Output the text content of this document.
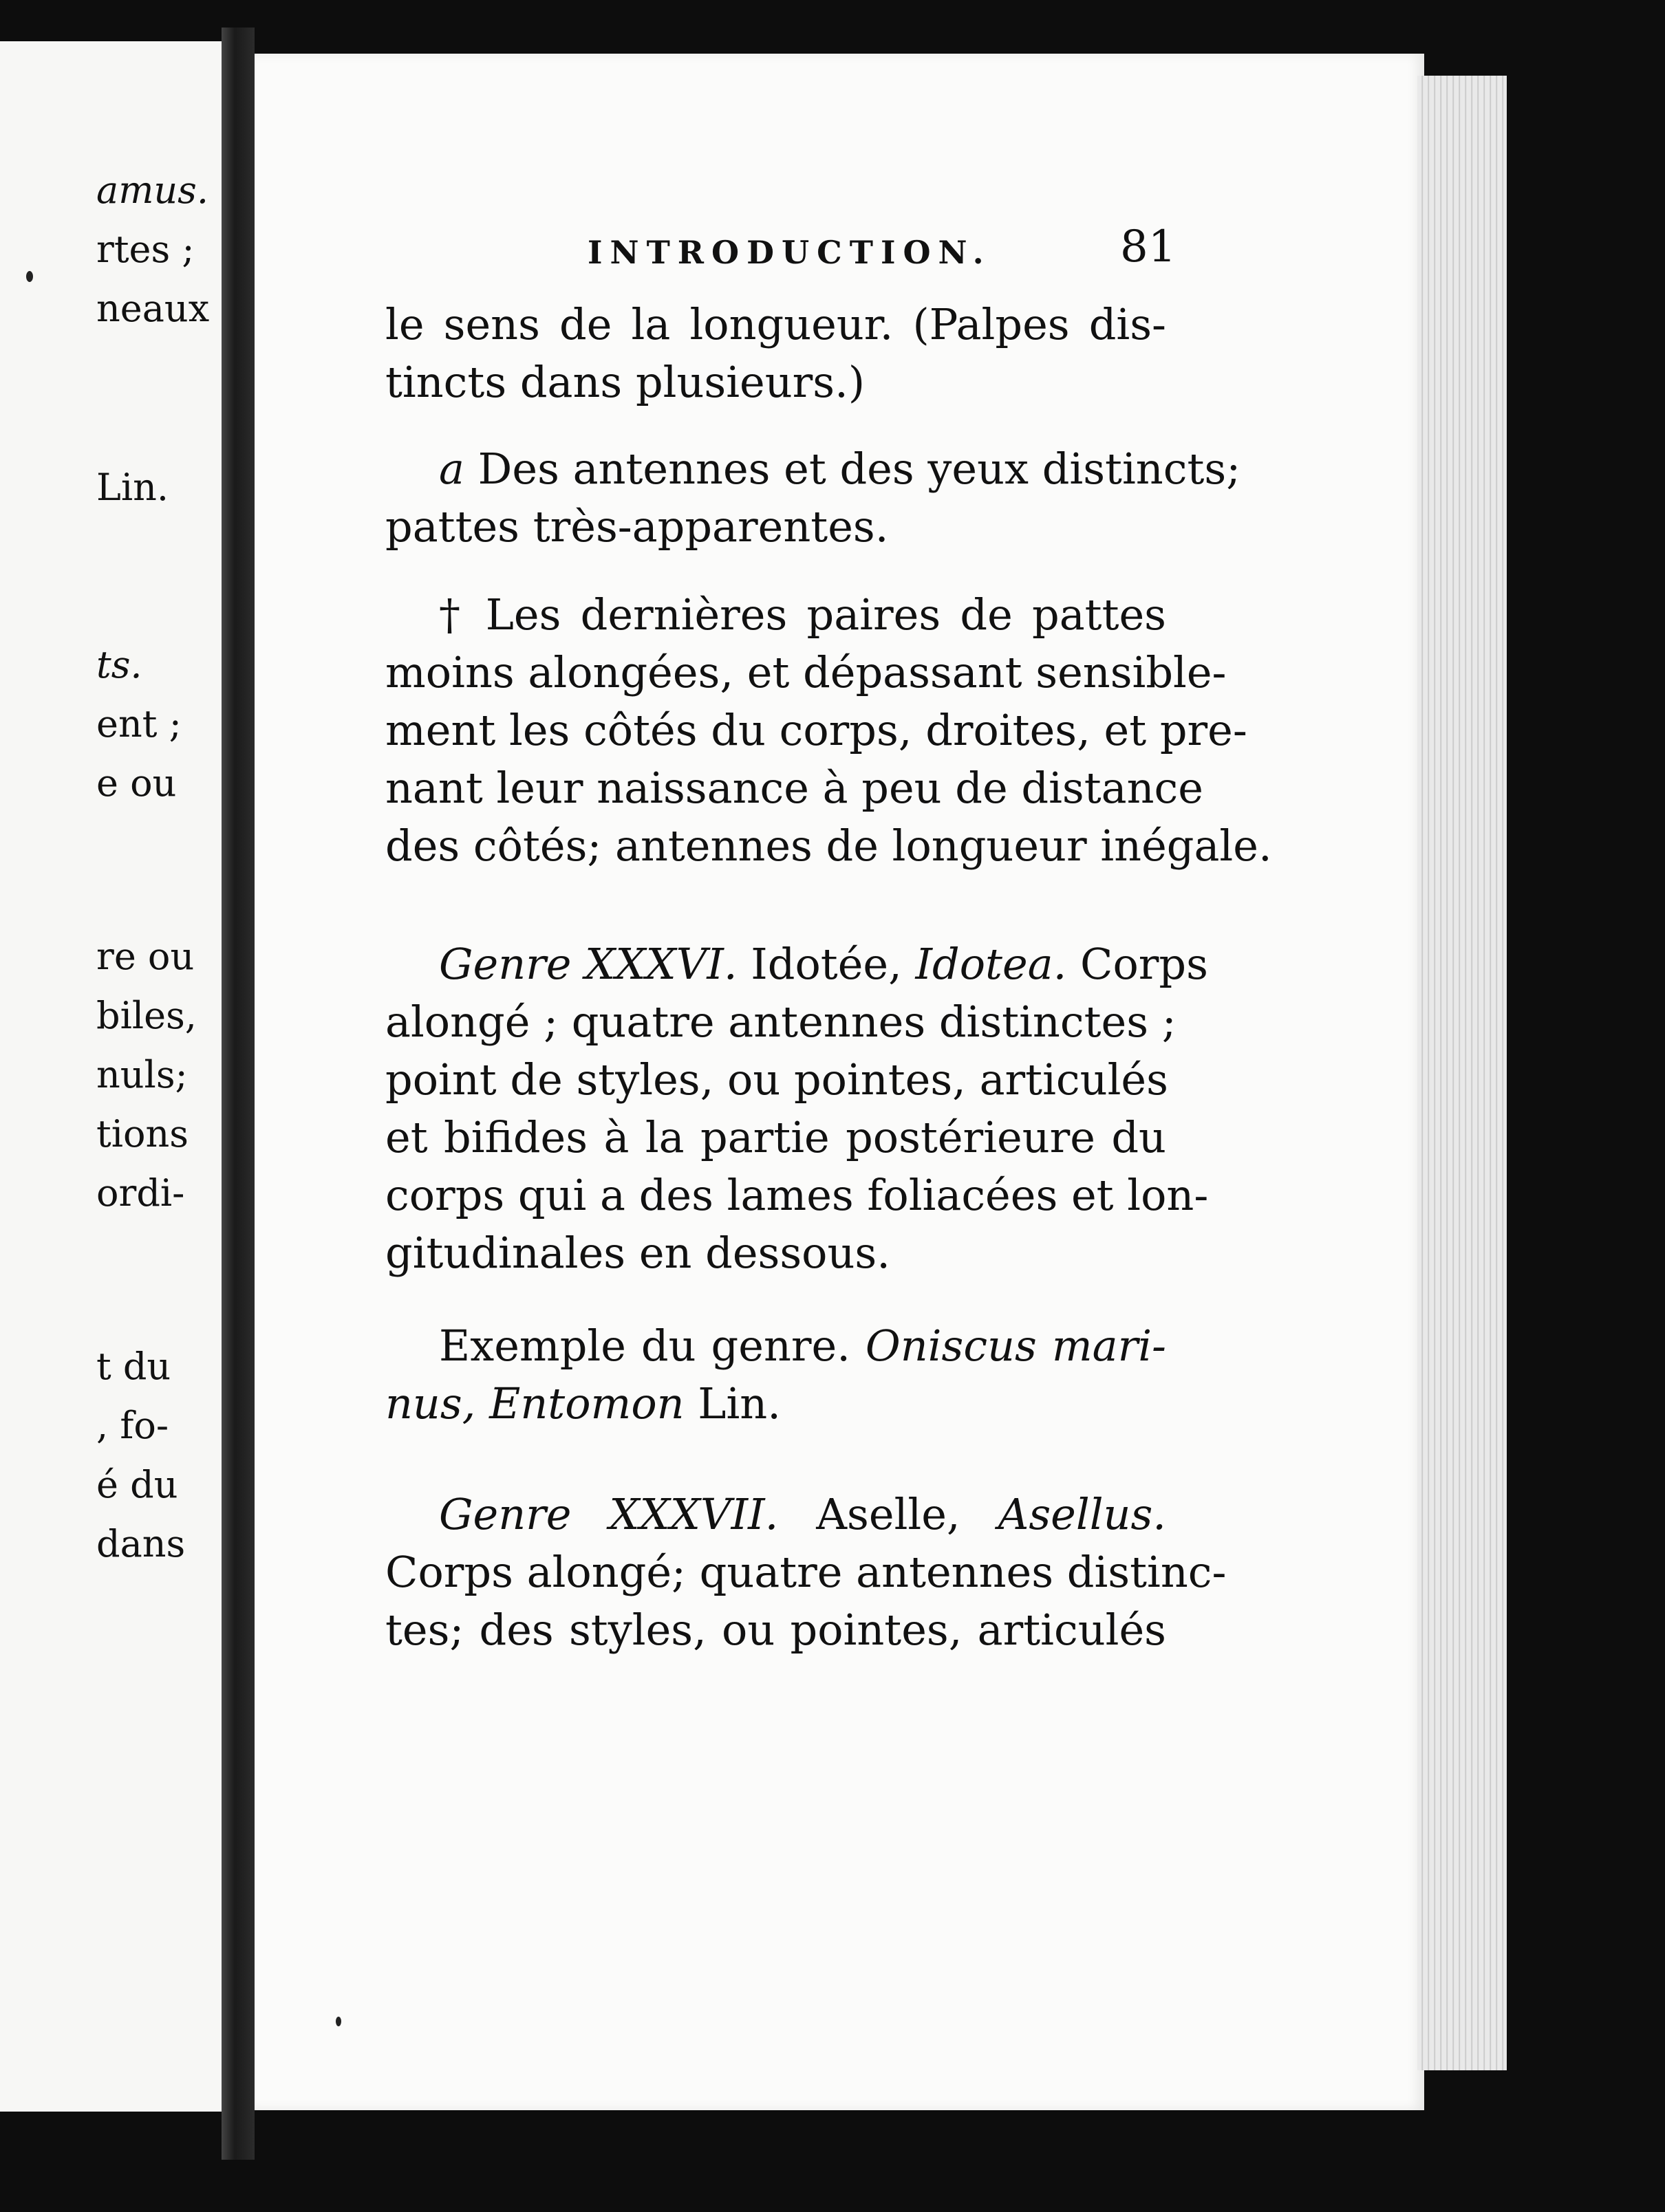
amus.
rtes ;
neaux
Lin.
ts.
ent ;
e ou
re ou
biles,
nuls;
tions
ordi-
t du
, fo-
é du
dans
INTRODUCTION.	81
le sens de la longueur. (Palpes dis-
tincts dans plusieurs.)
a Des antennes et des yeux distincts;
pattes très-apparentes.
† Les dernières paires de pattes
moins alongées, et dépassant sensible-
ment les côtés du corps, droites, et pre-
nant leur naissance à peu de distance
des côtés; antennes de longueur inégale.
Genre XXXVI. Idotée, Idotea. Corps
alongé ; quatre antennes distinctes ;
point de styles, ou pointes, articulés
et bifides à la partie postérieure du
corps qui a des lames foliacées et lon-
gitudinales en dessous.
Exemple du genre. Oniscus mari-
nus, Entomon Lin.
Genre XXXVII. Aselle, Asellus.
Corps alongé; quatre antennes distinc-
tes; des styles, ou pointes, articulés
